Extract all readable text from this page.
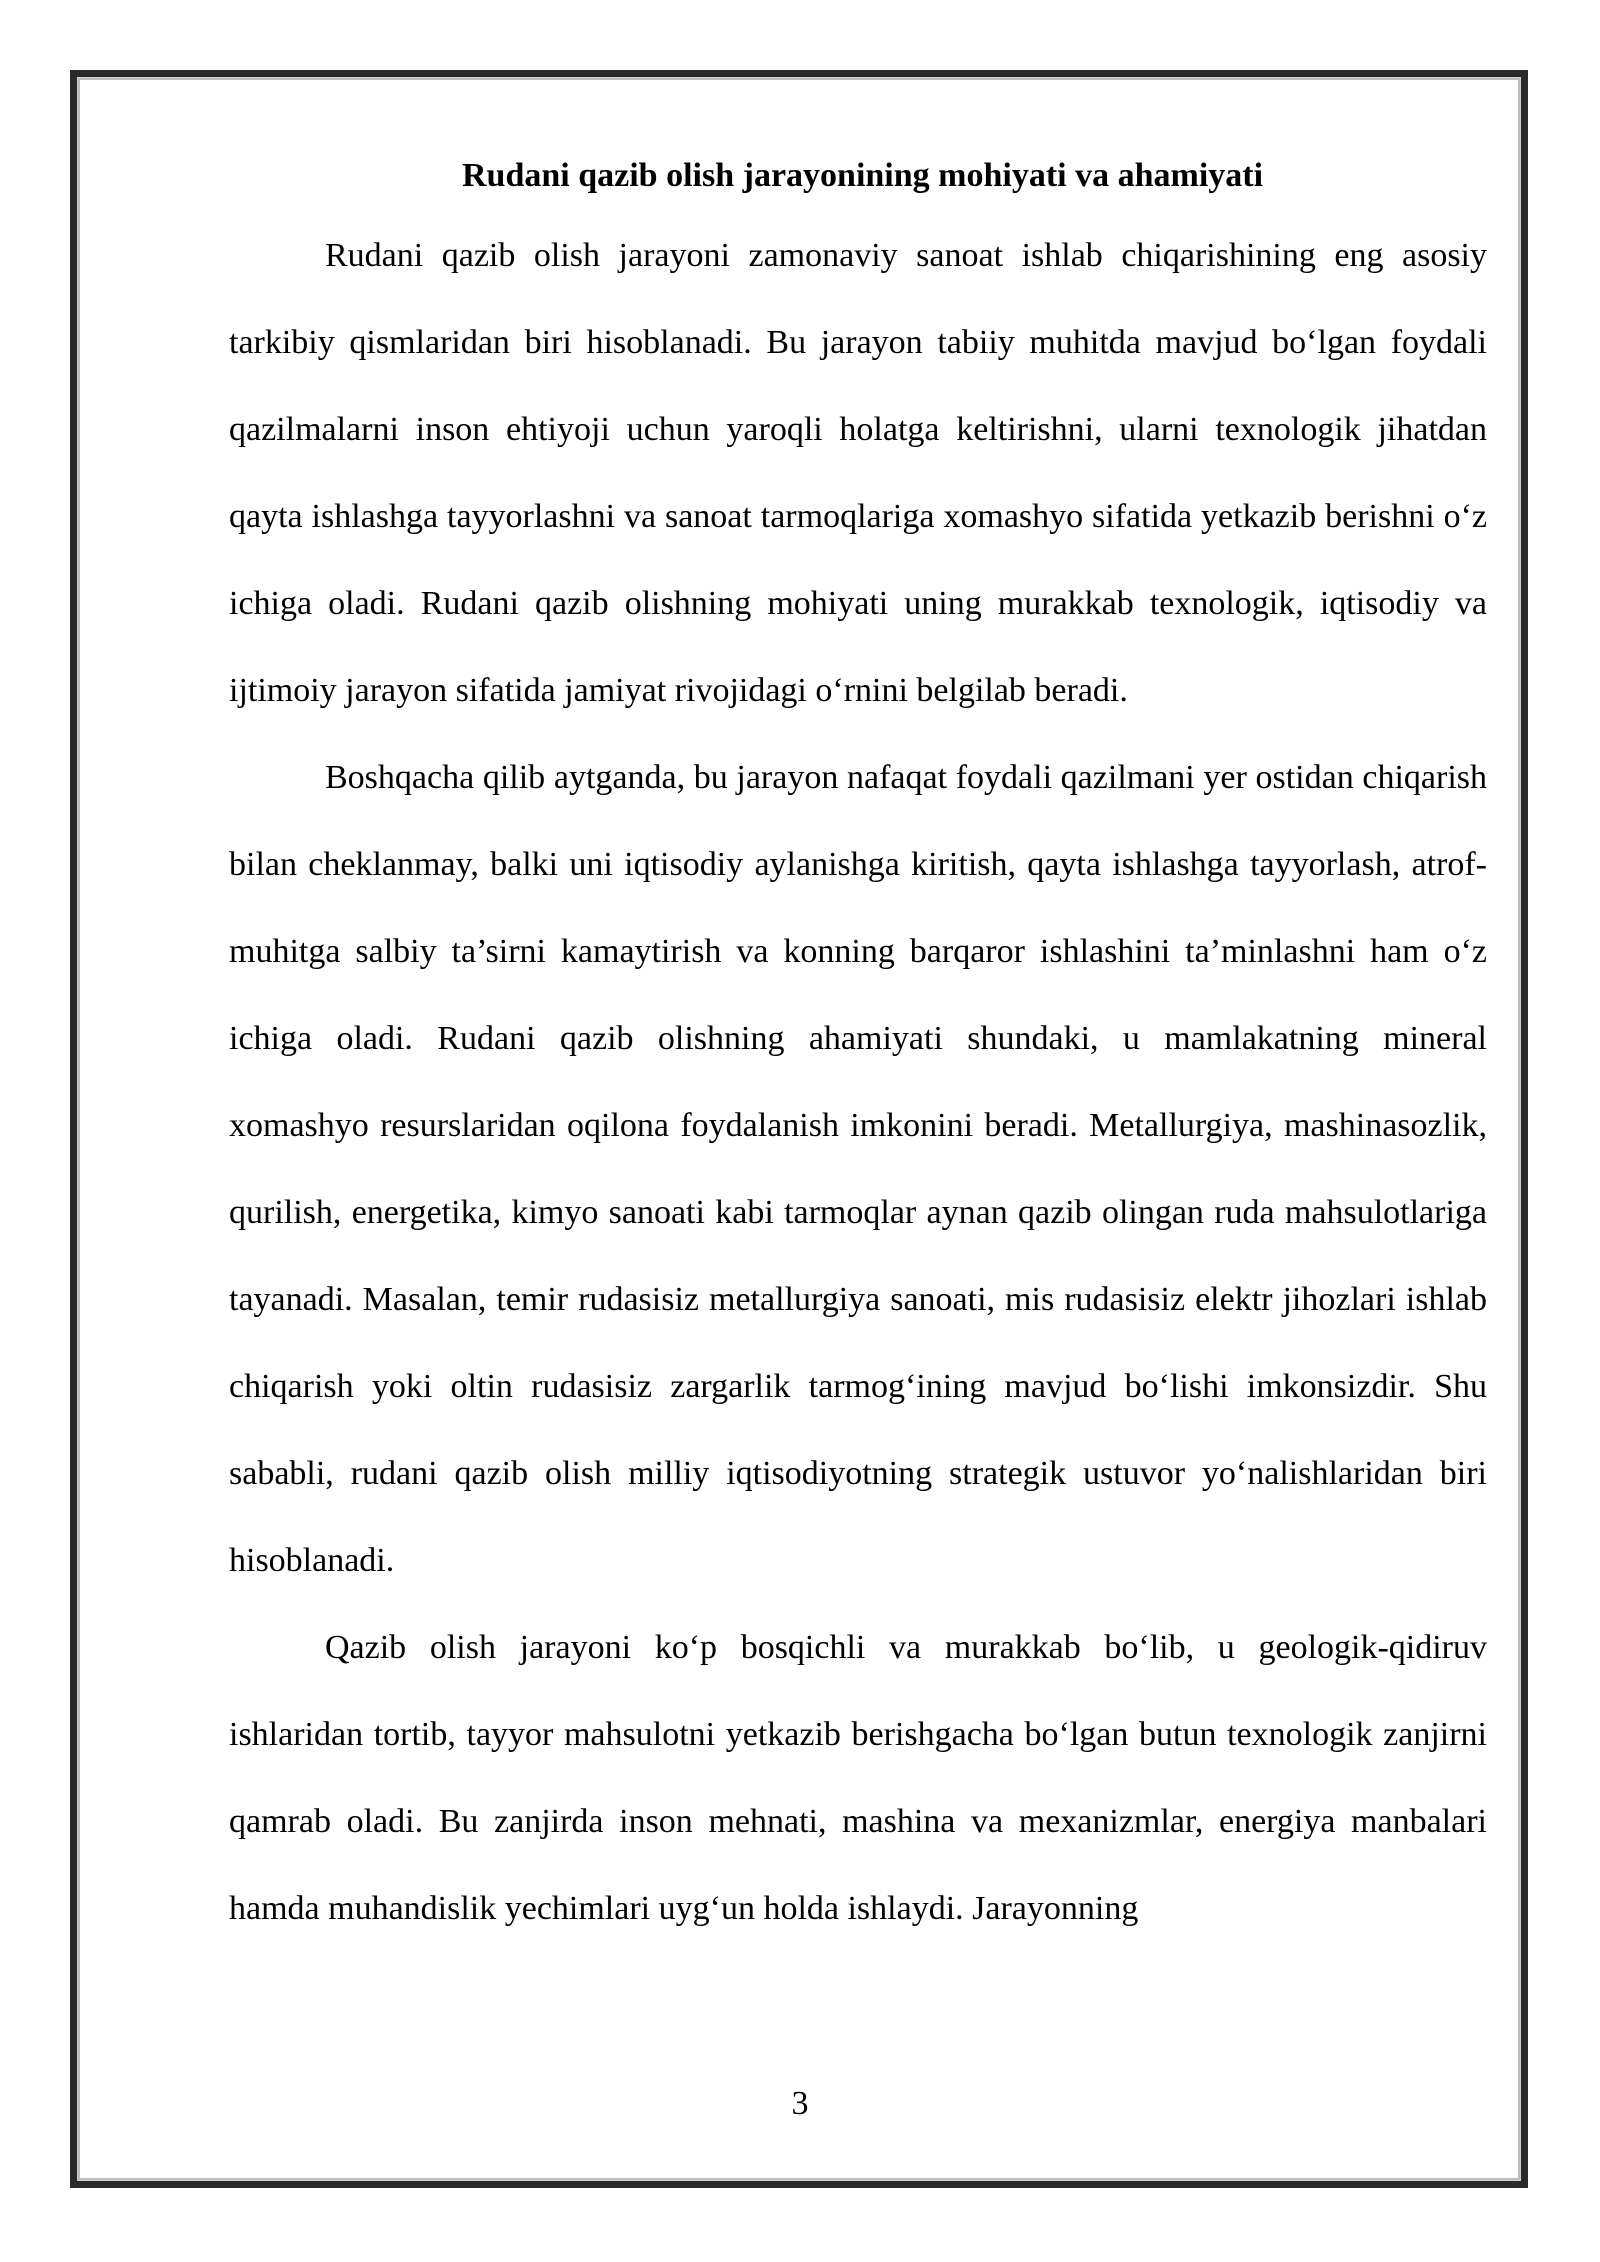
Rudani qazib olish jarayonining mohiyati va ahamiyati

Rudani qazib olish jarayoni zamonaviy sanoat ishlab chiqarishining eng asosiy tarkibiy qismlaridan biri hisoblanadi. Bu jarayon tabiiy muhitda mavjud bo‘lgan foydali qazilmalarni inson ehtiyoji uchun yaroqli holatga keltirishni, ularni texnologik jihatdan qayta ishlashga tayyorlashni va sanoat tarmoqlariga xomashyo sifatida yetkazib berishni o‘z ichiga oladi. Rudani qazib olishning mohiyati uning murakkab texnologik, iqtisodiy va ijtimoiy jarayon sifatida jamiyat rivojidagi o‘rnini belgilab beradi.

Boshqacha qilib aytganda, bu jarayon nafaqat foydali qazilmani yer ostidan chiqarish bilan cheklanmay, balki uni iqtisodiy aylanishga kiritish, qayta ishlashga tayyorlash, atrof-muhitga salbiy ta’sirni kamaytirish va konning barqaror ishlashini ta’minlashni ham o‘z ichiga oladi. Rudani qazib olishning ahamiyati shundaki, u mamlakatning mineral xomashyo resurslaridan oqilona foydalanish imkonini beradi. Metallurgiya, mashinasozlik, qurilish, energetika, kimyo sanoati kabi tarmoqlar aynan qazib olingan ruda mahsulotlariga tayanadi. Masalan, temir rudasisiz metallurgiya sanoati, mis rudasisiz elektr jihozlari ishlab chiqarish yoki oltin rudasisiz zargarlik tarmog‘ining mavjud bo‘lishi imkonsizdir. Shu sababli, rudani qazib olish milliy iqtisodiyotning strategik ustuvor yo‘nalishlaridan biri hisoblanadi.

Qazib olish jarayoni ko‘p bosqichli va murakkab bo‘lib, u geologik-qidiruv ishlaridan tortib, tayyor mahsulotni yetkazib berishgacha bo‘lgan butun texnologik zanjirni qamrab oladi. Bu zanjirda inson mehnati, mashina va mexanizmlar, energiya manbalari hamda muhandislik yechimlari uyg‘un holda ishlaydi. Jarayonning

3
